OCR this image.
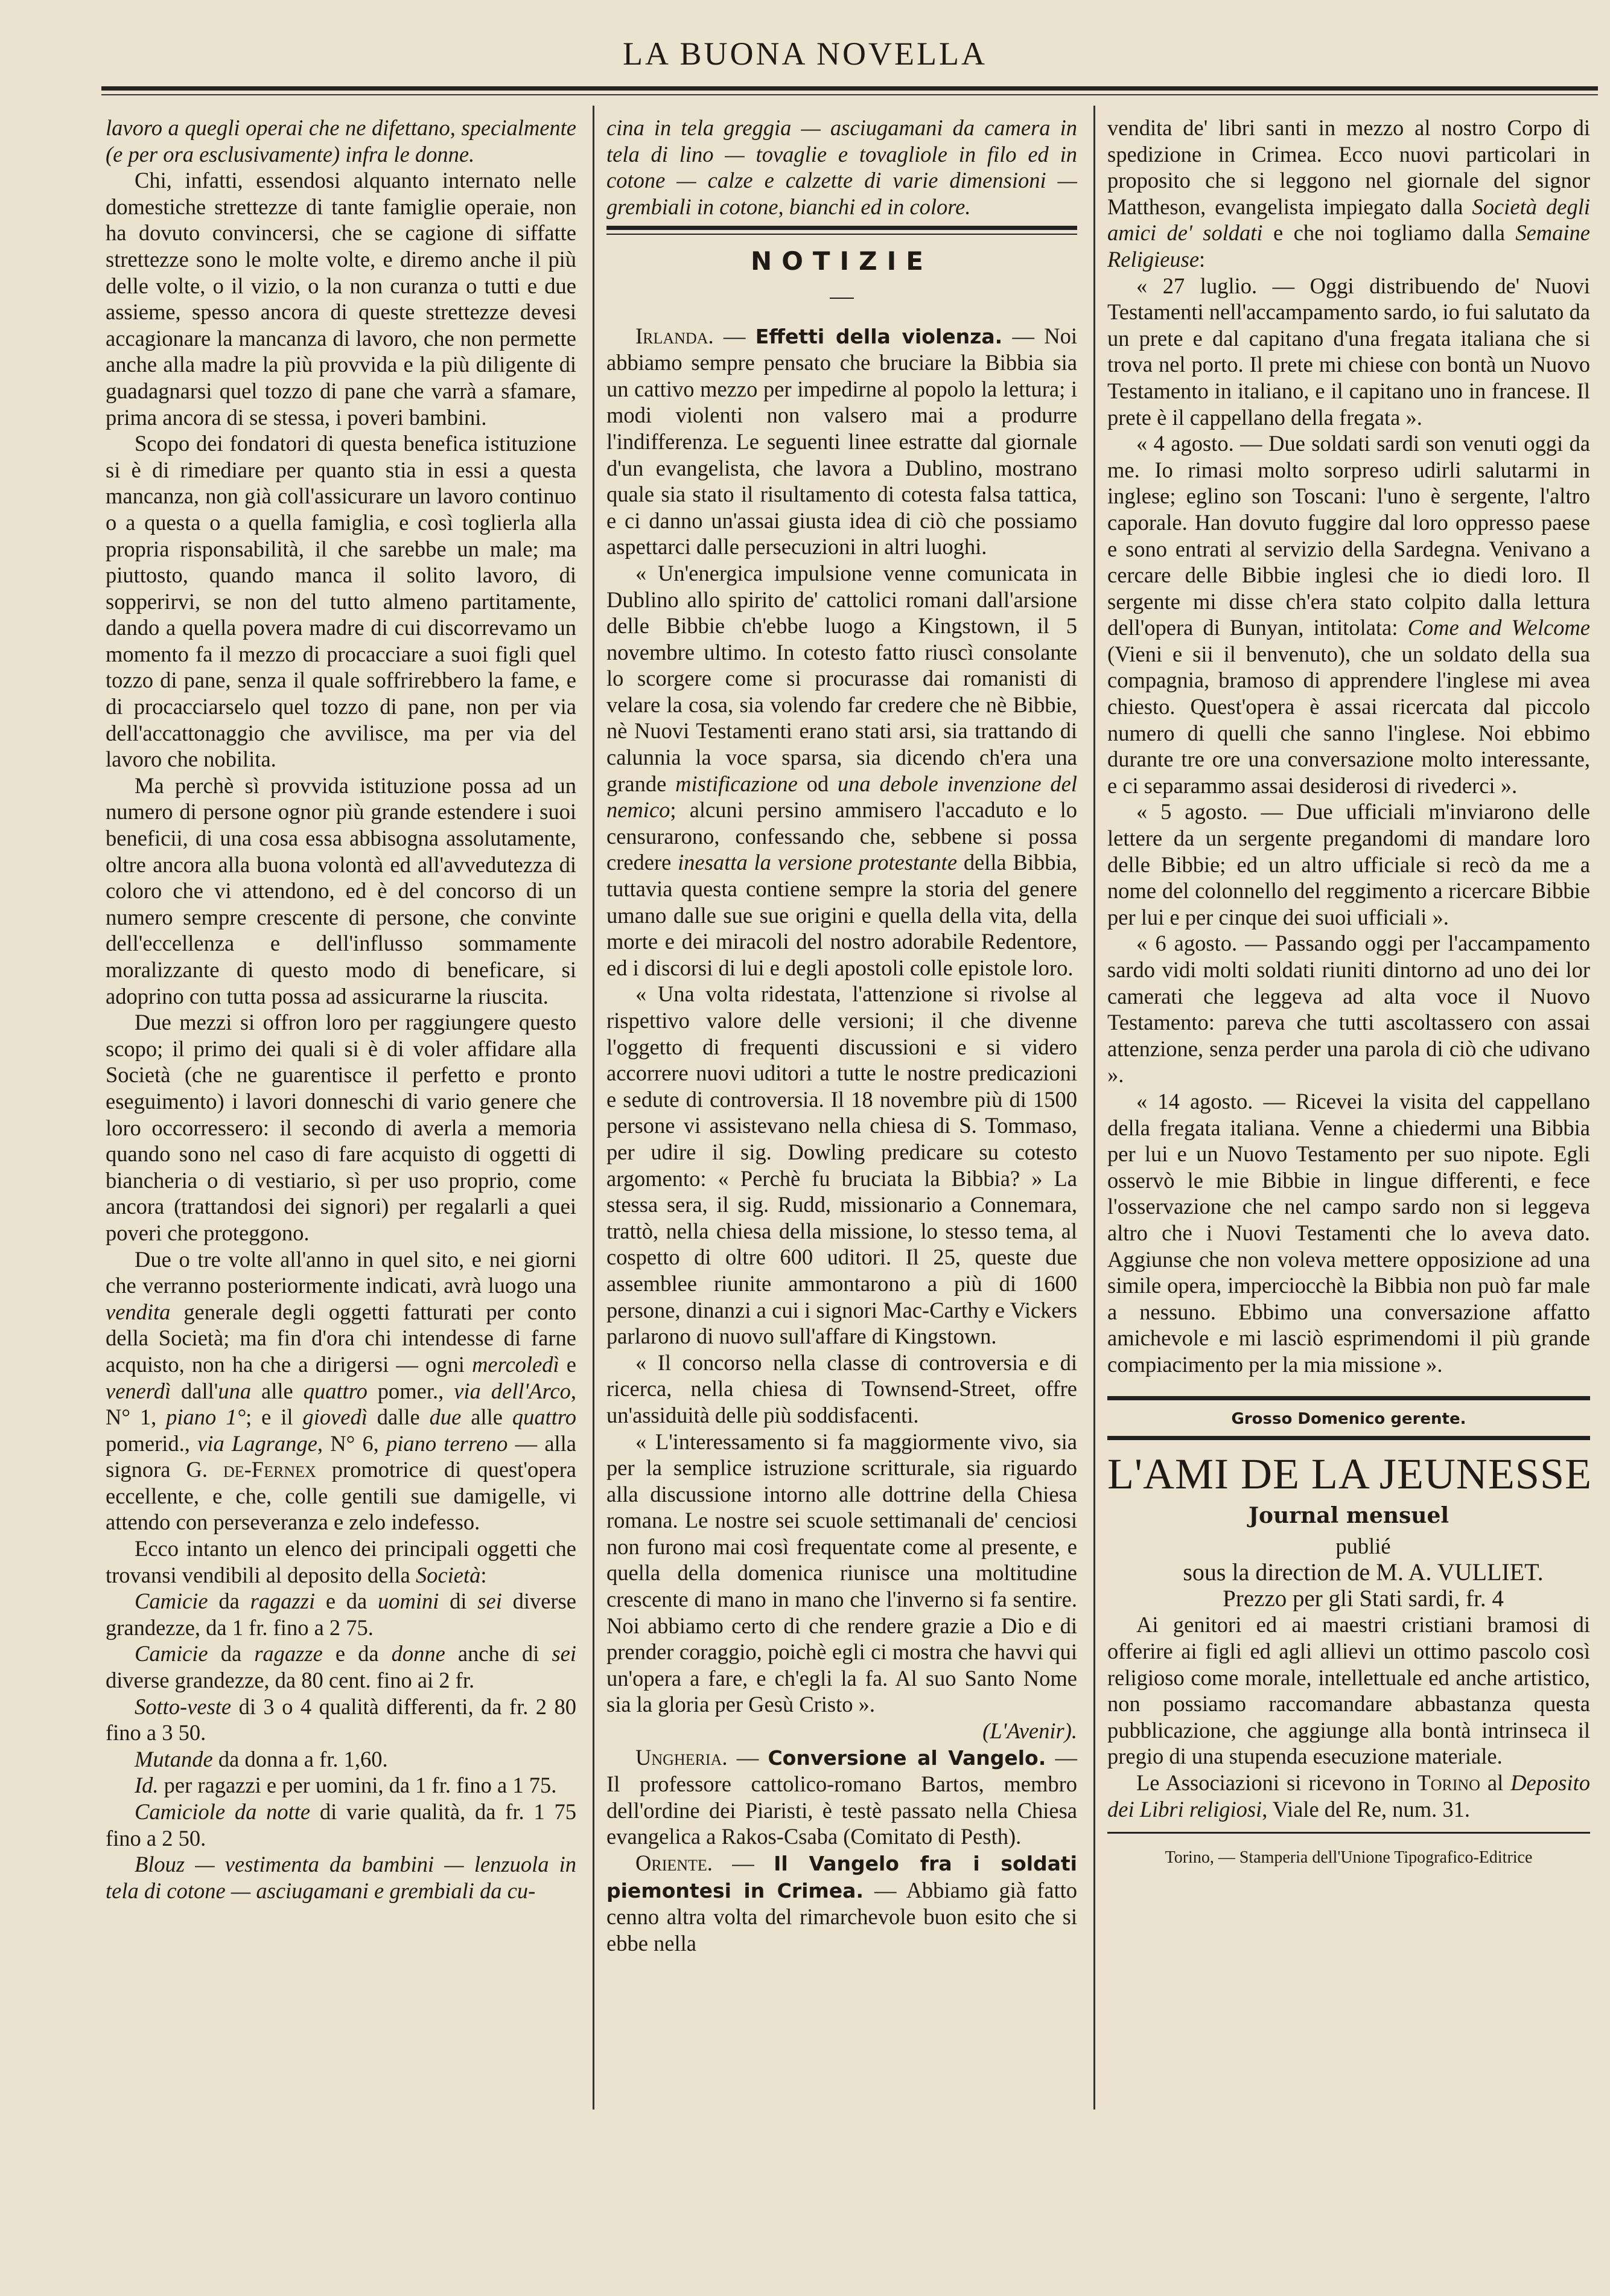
LA BUONA NOVELLA

lavoro a quegli operai che ne difettano, specialmente (e per ora esclusivamente) infra le donne.

Chi, infatti, essendosi alquanto internato nelle domestiche strettezze di tante famiglie operaie, non ha dovuto convincersi, che se cagione di siffatte strettezze sono le molte volte, e diremo anche il più delle volte, o il vizio, o la non curanza o tutti e due assieme, spesso ancora di queste strettezze devesi accagionare la mancanza di lavoro, che non permette anche alla madre la più provvida e la più diligente di guadagnarsi quel tozzo di pane che varrà a sfamare, prima ancora di se stessa, i poveri bambini.

Scopo dei fondatori di questa benefica istituzione si è di rimediare per quanto stia in essi a questa mancanza, non già coll'assicurare un lavoro continuo o a questa o a quella famiglia, e così toglierla alla propria risponsabilità, il che sarebbe un male; ma piuttosto, quando manca il solito lavoro, di sopperirvi, se non del tutto almeno partitamente, dando a quella povera madre di cui discorrevamo un momento fa il mezzo di procacciare a suoi figli quel tozzo di pane, senza il quale soffrirebbero la fame, e di procacciarselo quel tozzo di pane, non per via dell'accattonaggio che avvilisce, ma per via del lavoro che nobilita.

Ma perchè sì provvida istituzione possa ad un numero di persone ognor più grande estendere i suoi beneficii, di una cosa essa abbisogna assolutamente, oltre ancora alla buona volontà ed all'avvedutezza di coloro che vi attendono, ed è del concorso di un numero sempre crescente di persone, che convinte dell'eccellenza e dell'influsso sommamente moralizzante di questo modo di beneficare, si adoprino con tutta possa ad assicurarne la riuscita.

Due mezzi si offron loro per raggiungere questo scopo; il primo dei quali si è di voler affidare alla Società (che ne guarentisce il perfetto e pronto eseguimento) i lavori donneschi di vario genere che loro occorressero: il secondo di averla a memoria quando sono nel caso di fare acquisto di oggetti di biancheria o di vestiario, sì per uso proprio, come ancora (trattandosi dei signori) per regalarli a quei poveri che proteggono.

Due o tre volte all'anno in quel sito, e nei giorni che verranno posteriormente indicati, avrà luogo una vendita generale degli oggetti fatturati per conto della Società; ma fin d'ora chi intendesse di farne acquisto, non ha che a dirigersi — ogni mercoledì e venerdì dall'una alle quattro pomer., via dell'Arco, N° 1, piano 1°; e il giovedì dalle due alle quattro pomerid., via Lagrange, N° 6, piano terreno — alla signora G. de-Fernex promotrice di quest'opera eccellente, e che, colle gentili sue damigelle, vi attendo con perseveranza e zelo indefesso.

Ecco intanto un elenco dei principali oggetti che trovansi vendibili al deposito della Società:

Camicie da ragazzi e da uomini di sei diverse grandezze, da 1 fr. fino a 2 75.

Camicie da ragazze e da donne anche di sei diverse grandezze, da 80 cent. fino ai 2 fr.

Sotto-veste di 3 o 4 qualità differenti, da fr. 2 80 fino a 3 50.

Mutande da donna a fr. 1,60.

Id. per ragazzi e per uomini, da 1 fr. fino a 1 75.

Camiciole da notte di varie qualità, da fr. 1 75 fino a 2 50.

Blouz — vestimenta da bambini — lenzuola in tela di cotone — asciugamani e grembiali da cu-

cina in tela greggia — asciugamani da camera in tela di lino — tovaglie e tovagliole in filo ed in cotone — calze e calzette di varie dimensioni — grembiali in cotone, bianchi ed in colore.

NOTIZIE

Irlanda. — Effetti della violenza. — Noi abbiamo sempre pensato che bruciare la Bibbia sia un cattivo mezzo per impedirne al popolo la lettura; i modi violenti non valsero mai a produrre l'indifferenza. Le seguenti linee estratte dal giornale d'un evangelista, che lavora a Dublino, mostrano quale sia stato il risultamento di cotesta falsa tattica, e ci danno un'assai giusta idea di ciò che possiamo aspettarci dalle persecuzioni in altri luoghi.

« Un'energica impulsione venne comunicata in Dublino allo spirito de' cattolici romani dall'arsione delle Bibbie ch'ebbe luogo a Kingstown, il 5 novembre ultimo. In cotesto fatto riuscì consolante lo scorgere come si procurasse dai romanisti di velare la cosa, sia volendo far credere che nè Bibbie, nè Nuovi Testamenti erano stati arsi, sia trattando di calunnia la voce sparsa, sia dicendo ch'era una grande mistificazione od una debole invenzione del nemico; alcuni persino ammisero l'accaduto e lo censurarono, confessando che, sebbene si possa credere inesatta la versione protestante della Bibbia, tuttavia questa contiene sempre la storia del genere umano dalle sue sue origini e quella della vita, della morte e dei miracoli del nostro adorabile Redentore, ed i discorsi di lui e degli apostoli colle epistole loro.

« Una volta ridestata, l'attenzione si rivolse al rispettivo valore delle versioni; il che divenne l'oggetto di frequenti discussioni e si videro accorrere nuovi uditori a tutte le nostre predicazioni e sedute di controversia. Il 18 novembre più di 1500 persone vi assistevano nella chiesa di S. Tommaso, per udire il sig. Dowling predicare su cotesto argomento: « Perchè fu bruciata la Bibbia? » La stessa sera, il sig. Rudd, missionario a Connemara, trattò, nella chiesa della missione, lo stesso tema, al cospetto di oltre 600 uditori. Il 25, queste due assemblee riunite ammontarono a più di 1600 persone, dinanzi a cui i signori Mac-Carthy e Vickers parlarono di nuovo sull'affare di Kingstown.

« Il concorso nella classe di controversia e di ricerca, nella chiesa di Townsend-Street, offre un'assiduità delle più soddisfacenti.

« L'interessamento si fa maggiormente vivo, sia per la semplice istruzione scritturale, sia riguardo alla discussione intorno alle dottrine della Chiesa romana. Le nostre sei scuole settimanali de' cenciosi non furono mai così frequentate come al presente, e quella della domenica riunisce una moltitudine crescente di mano in mano che l'inverno si fa sentire. Noi abbiamo certo di che rendere grazie a Dio e di prender coraggio, poichè egli ci mostra che havvi qui un'opera a fare, e ch'egli la fa. Al suo Santo Nome sia la gloria per Gesù Cristo ».

(L'Avenir).

Ungheria. — Conversione al Vangelo. — Il professore cattolico-romano Bartos, membro dell'ordine dei Piaristi, è testè passato nella Chiesa evangelica a Rakos-Csaba (Comitato di Pesth).

Oriente. — Il Vangelo fra i soldati piemontesi in Crimea. — Abbiamo già fatto cenno altra volta del rimarchevole buon esito che si ebbe nella

vendita de' libri santi in mezzo al nostro Corpo di spedizione in Crimea. Ecco nuovi particolari in proposito che si leggono nel giornale del signor Mattheson, evangelista impiegato dalla Società degli amici de' soldati e che noi togliamo dalla Semaine Religieuse:

« 27 luglio. — Oggi distribuendo de' Nuovi Testamenti nell'accampamento sardo, io fui salutato da un prete e dal capitano d'una fregata italiana che si trova nel porto. Il prete mi chiese con bontà un Nuovo Testamento in italiano, e il capitano uno in francese. Il prete è il cappellano della fregata ».

« 4 agosto. — Due soldati sardi son venuti oggi da me. Io rimasi molto sorpreso udirli salutarmi in inglese; eglino son Toscani: l'uno è sergente, l'altro caporale. Han dovuto fuggire dal loro oppresso paese e sono entrati al servizio della Sardegna. Venivano a cercare delle Bibbie inglesi che io diedi loro. Il sergente mi disse ch'era stato colpito dalla lettura dell'opera di Bunyan, intitolata: Come and Welcome (Vieni e sii il benvenuto), che un soldato della sua compagnia, bramoso di apprendere l'inglese mi avea chiesto. Quest'opera è assai ricercata dal piccolo numero di quelli che sanno l'inglese. Noi ebbimo durante tre ore una conversazione molto interessante, e ci separammo assai desiderosi di rivederci ».

« 5 agosto. — Due ufficiali m'inviarono delle lettere da un sergente pregandomi di mandare loro delle Bibbie; ed un altro ufficiale si recò da me a nome del colonnello del reggimento a ricercare Bibbie per lui e per cinque dei suoi ufficiali ».

« 6 agosto. — Passando oggi per l'accampamento sardo vidi molti soldati riuniti dintorno ad uno dei lor camerati che leggeva ad alta voce il Nuovo Testamento: pareva che tutti ascoltassero con assai attenzione, senza perder una parola di ciò che udivano ».

« 14 agosto. — Ricevei la visita del cappellano della fregata italiana. Venne a chiedermi una Bibbia per lui e un Nuovo Testamento per suo nipote. Egli osservò le mie Bibbie in lingue differenti, e fece l'osservazione che nel campo sardo non si leggeva altro che i Nuovi Testamenti che lo aveva dato. Aggiunse che non voleva mettere opposizione ad una simile opera, imperciocchè la Bibbia non può far male a nessuno. Ebbimo una conversazione affatto amichevole e mi lasciò esprimendomi il più grande compiacimento per la mia missione ».

Grosso Domenico gerente.
L'AMI DE LA JEUNESSE
Journal mensuel

publié

sous la direction de M. A. VULLIET.

Prezzo per gli Stati sardi, fr. 4

Ai genitori ed ai maestri cristiani bramosi di offerire ai figli ed agli allievi un ottimo pascolo così religioso come morale, intellettuale ed anche artistico, non possiamo raccomandare abbastanza questa pubblicazione, che aggiunge alla bontà intrinseca il pregio di una stupenda esecuzione materiale.

Le Associazioni si ricevono in Torino al Deposito dei Libri religiosi, Viale del Re, num. 31.

Torino, — Stamperia dell'Unione Tipografico-Editrice
